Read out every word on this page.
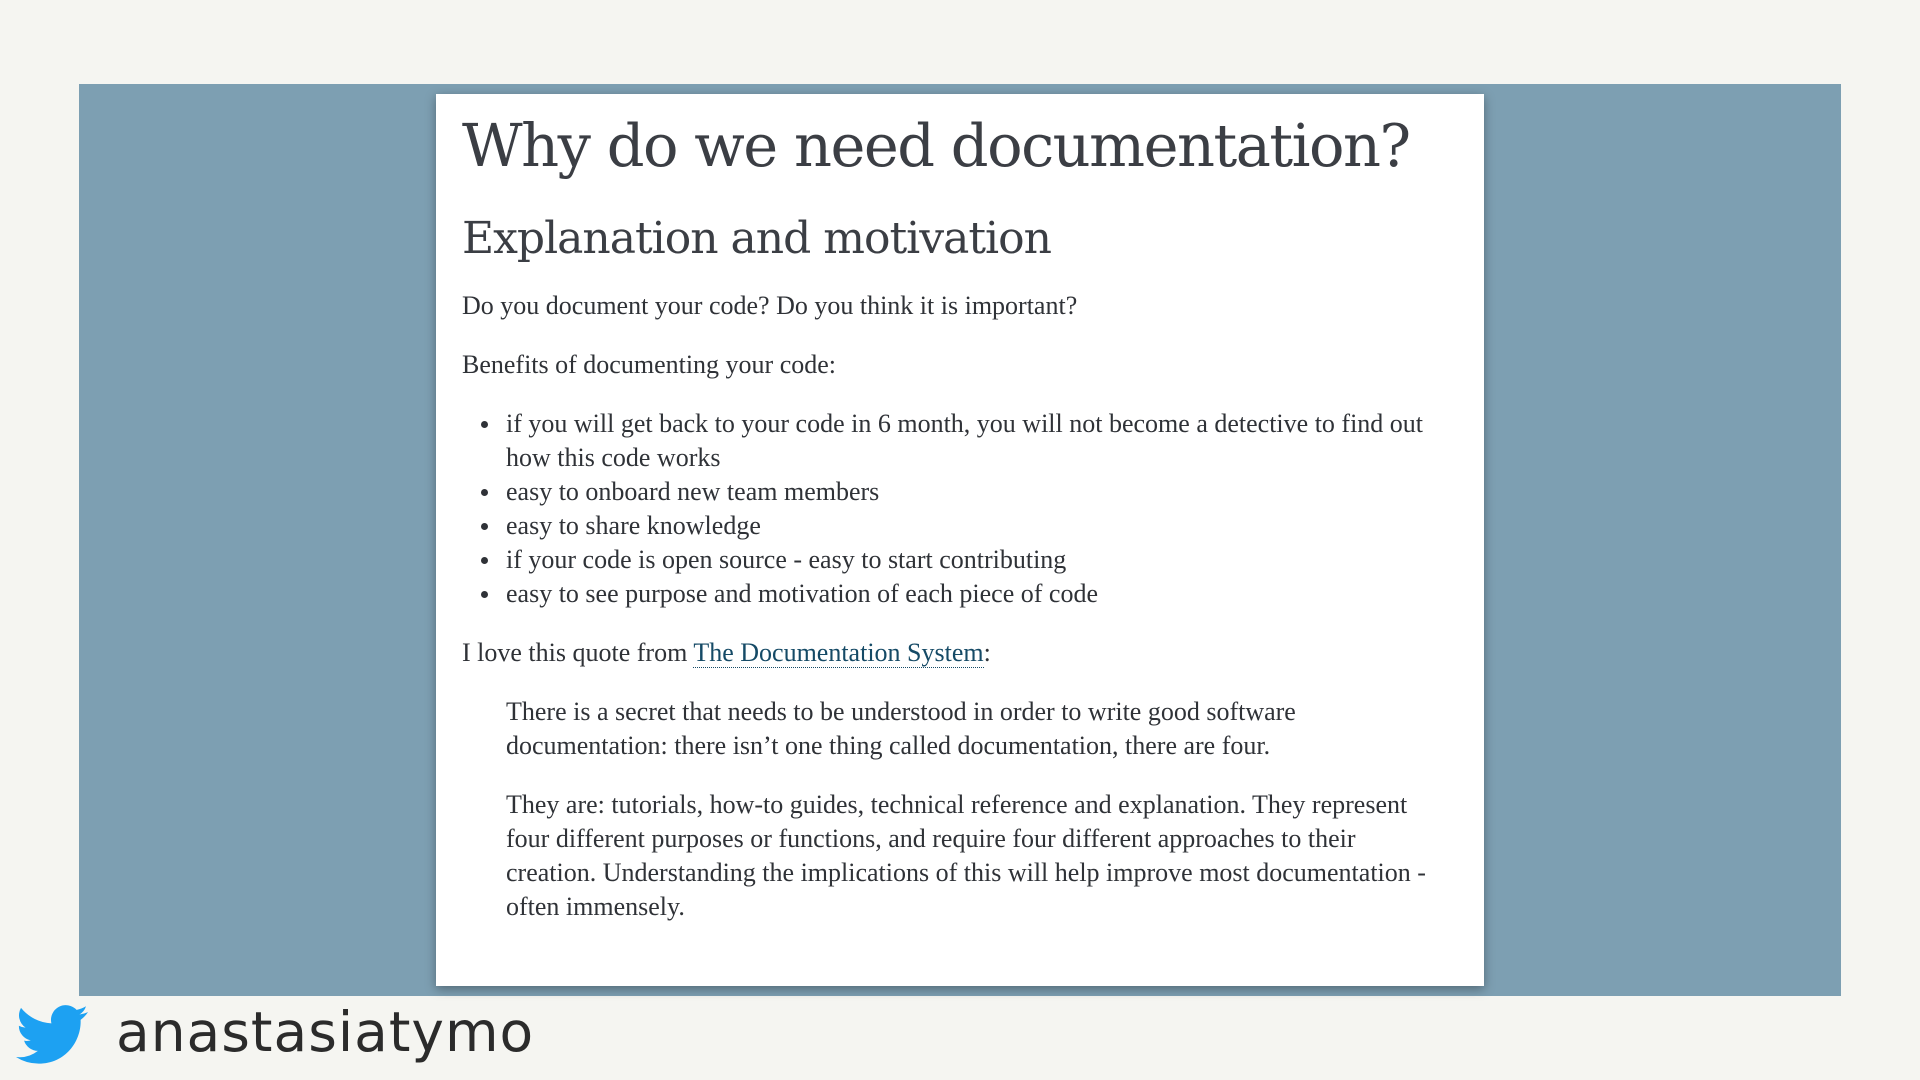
Why do we need documentation?
Explanation and motivation

Do you document your code? Do you think it is important?

Benefits of documenting your code:

if you will get back to your code in 6 month, you will not become a detective to find out how this code works
easy to onboard new team members
easy to share knowledge
if your code is open source - easy to start contributing
easy to see purpose and motivation of each piece of code

I love this quote from The Documentation System:

There is a secret that needs to be understood in order to write good software documentation: there isn’t one thing called documentation, there are four.

They are: tutorials, how-to guides, technical reference and explanation. They represent four different purposes or functions, and require four different approaches to their creation. Understanding the implications of this will help improve most documentation - often immensely.

anastasiatymo
